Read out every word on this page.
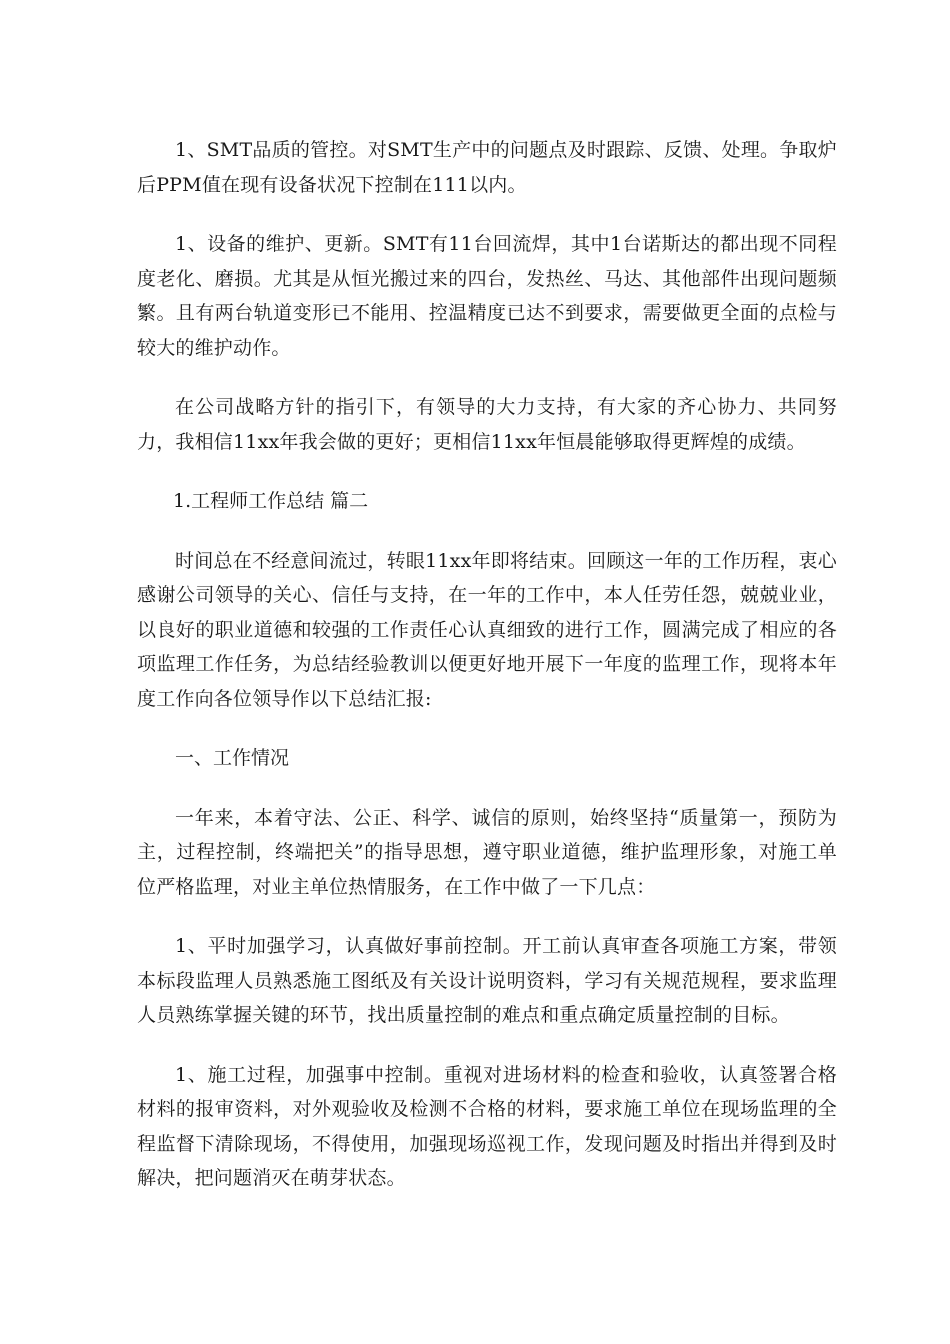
1、SMT品质的管控。对SMT生产中的问题点及时跟踪、反馈、处理。争取炉后PPM值在现有设备状况下控制在111以内。

1、设备的维护、更新。SMT有11台回流焊，其中1台诺斯达的都出现不同程度老化、磨损。尤其是从恒光搬过来的四台，发热丝、马达、其他部件出现问题频繁。且有两台轨道变形已不能用、控温精度已达不到要求，需要做更全面的点检与较大的维护动作。

在公司战略方针的指引下，有领导的大力支持，有大家的齐心协力、共同努力，我相信11xx年我会做的更好；更相信11xx年恒晨能够取得更辉煌的成绩。

1.工程师工作总结 篇二

时间总在不经意间流过，转眼11xx年即将结束。回顾这一年的工作历程，衷心感谢公司领导的关心、信任与支持，在一年的工作中，本人任劳任怨，兢兢业业，以良好的职业道德和较强的工作责任心认真细致的进行工作，圆满完成了相应的各项监理工作任务，为总结经验教训以便更好地开展下一年度的监理工作，现将本年度工作向各位领导作以下总结汇报:

一、工作情况

一年来，本着守法、公正、科学、诚信的原则，始终坚持“质量第一，预防为主，过程控制，终端把关”的指导思想，遵守职业道德，维护监理形象，对施工单位严格监理，对业主单位热情服务，在工作中做了一下几点：

1、平时加强学习，认真做好事前控制。开工前认真审查各项施工方案，带领本标段监理人员熟悉施工图纸及有关设计说明资料，学习有关规范规程，要求监理人员熟练掌握关键的环节，找出质量控制的难点和重点确定质量控制的目标。

1、施工过程，加强事中控制。重视对进场材料的检查和验收，认真签署合格材料的报审资料，对外观验收及检测不合格的材料，要求施工单位在现场监理的全程监督下清除现场，不得使用，加强现场巡视工作，发现问题及时指出并得到及时解决，把问题消灭在萌芽状态。
